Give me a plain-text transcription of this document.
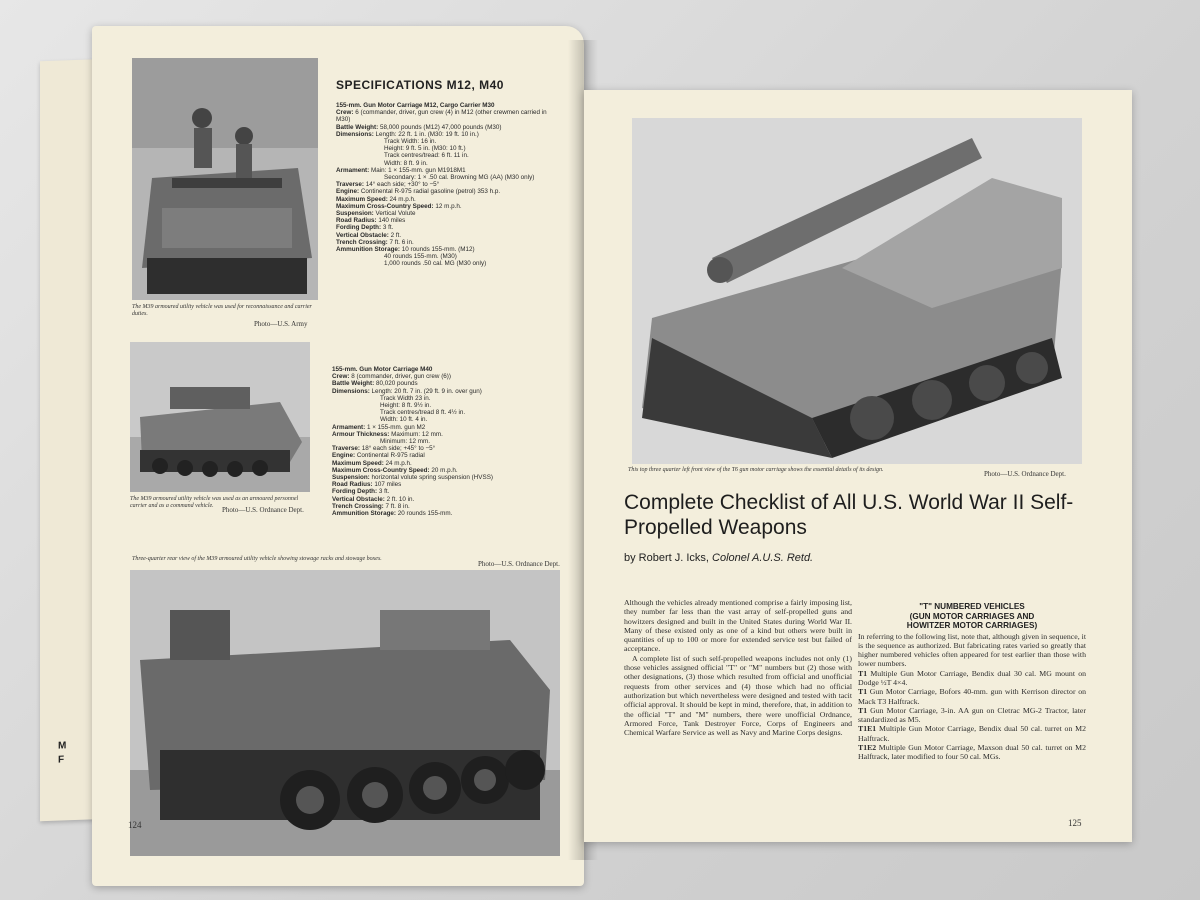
M
F
The M39 armoured utility vehicle was used for reconnaissance and carrier duties.
Photo—U.S. Army
SPECIFICATIONS M12, M40
155-mm. Gun Motor Carriage M12, Cargo Carrier M30
Crew: 6 (commander, driver, gun crew (4) in M12 (other crewmen carried in M30)
Battle Weight: 58,000 pounds (M12) 47,000 pounds (M30)
Dimensions: Length: 22 ft. 1 in. (M30: 19 ft. 10 in.)
Track Width: 16 in.
Height: 9 ft. 5 in. (M30: 10 ft.)
Track centres/tread: 6 ft. 11 in.
Width: 8 ft. 9 in.
Armament: Main: 1 × 155-mm. gun M1918M1
Secondary: 1 × .50 cal. Browning MG (AA) (M30 only)
Traverse: 14° each side; +30° to −5°
Engine: Continental R-975 radial gasoline (petrol) 353 h.p.
Maximum Speed: 24 m.p.h.
Maximum Cross-Country Speed: 12 m.p.h.
Suspension: Vertical Volute
Road Radius: 140 miles
Fording Depth: 3 ft.
Vertical Obstacle: 2 ft.
Trench Crossing: 7 ft. 6 in.
Ammunition Storage: 10 rounds 155-mm. (M12)
40 rounds 155-mm. (M30)
1,000 rounds .50 cal. MG (M30 only)
The M39 armoured utility vehicle was used as an armoured personnel carrier and as a command vehicle.	Photo—U.S. Ordnance Dept.
155-mm. Gun Motor Carriage M40
Crew: 8 (commander, driver, gun crew (6))
Battle Weight: 80,020 pounds
Dimensions: Length: 20 ft. 7 in. (29 ft. 9 in. over gun)
Track Width 23 in.
Height: 8 ft. 9½ in.
Track centres/tread 8 ft. 4½ in.
Width: 10 ft. 4 in.
Armament: 1 × 155-mm. gun M2
Armour Thickness: Maximum: 12 mm.
Minimum: 12 mm.
Traverse: 18° each side; +45° to −5°
Engine: Continental R-975 radial
Maximum Speed: 24 m.p.h.
Maximum Cross-Country Speed: 20 m.p.h.
Suspension: horizontal volute spring suspension (HVSS)
Road Radius: 107 miles
Fording Depth: 3 ft.
Vertical Obstacle: 2 ft. 10 in.
Trench Crossing: 7 ft. 8 in.
Ammunition Storage: 20 rounds 155-mm.
Three-quarter rear view of the M39 armoured utility vehicle showing stowage racks and stowage boxes.
Photo—U.S. Ordnance Dept.
124
This top three quarter left front view of the T6 gun motor carriage shows the essential details of its design.	Photo—U.S. Ordnance Dept.
Complete Checklist of All U.S. World War II Self-Propelled Weapons
by Robert J. Icks, Colonel A.U.S. Retd.

Although the vehicles already mentioned comprise a fairly imposing list, they number far less than the vast array of self-propelled guns and howitzers designed and built in the United States during World War II. Many of these existed only as one of a kind but others were built in quantities of up to 100 or more for extended service test but failed of acceptance.

A complete list of such self-propelled weapons includes not only (1) those vehicles assigned official "T" or "M" numbers but (2) those with other designations, (3) those which resulted from official and unofficial requests from other services and (4) those which had no official authorization but which nevertheless were designed and tested with tacit official approval. It should be kept in mind, therefore, that, in addition to the official "T" and "M" numbers, there were unofficial Ordnance, Armored Force, Tank Destroyer Force, Corps of Engineers and Chemical Warfare Service as well as Navy and Marine Corps designs.

"T" NUMBERED VEHICLES
(GUN MOTOR CARRIAGES AND
HOWITZER MOTOR CARRIAGES)

In referring to the following list, note that, although given in sequence, it is the sequence as authorized. But fabricating rates varied so greatly that higher numbered vehicles often appeared for test earlier than those with lower numbers.

T1 Multiple Gun Motor Carriage, Bendix dual 30 cal. MG mount on Dodge ½T 4×4.

T1 Gun Motor Carriage, Bofors 40-mm. gun with Kerrison director on Mack T3 Halftrack.

T1 Gun Motor Carriage, 3-in. AA gun on Cletrac MG-2 Tractor, later standardized as M5.

T1E1 Multiple Gun Motor Carriage, Bendix dual 50 cal. turret on M2 Halftrack.

T1E2 Multiple Gun Motor Carriage, Maxson dual 50 cal. turret on M2 Halftrack, later modified to four 50 cal. MGs.

125
